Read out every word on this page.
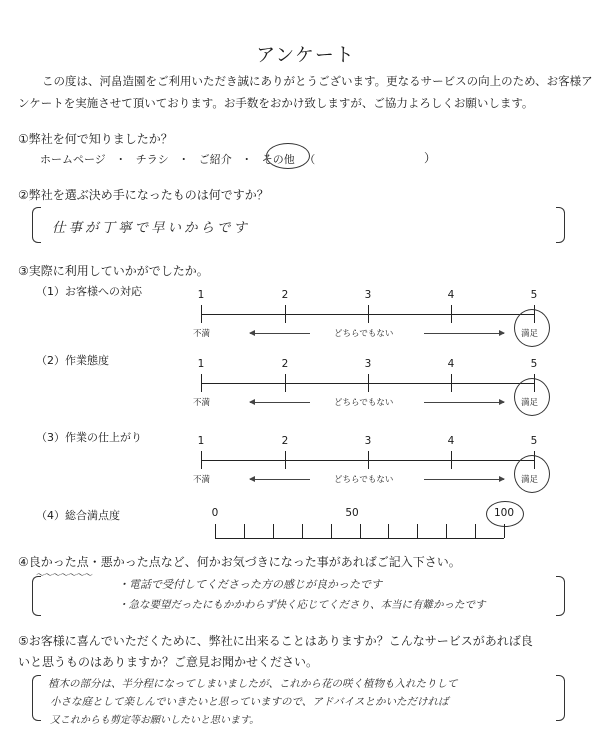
アンケート
この度は、河畠造園をご利用いただき誠にありがとうございます。更なるサービスの向上のため、お客様アンケートを実施させて頂いております。お手数をおかけ致しますが、ご協力よろしくお願いします。
①弊社を何で知りましたか？
ホームページ ・ チラシ ・ ご紹介 ・ その他 （	）
②弊社を選ぶ決め手になったものは何ですか？
仕事が丁寧で早いからです
③実際に利用していかがでしたか。
（1）お客様への対応	1	2	3	4	5
不満	どちらでもない	満足
（2）作業態度	1	2	3	4	5
不満	どちらでもない	満足
（3）作業の仕上がり	1	2	3	4	5
不満	どちらでもない	満足
（4）総合満点度	0	50	100
④良かった点・悪かった点など、何かお気づきになった事があればご記入下さい。
〜〜〜〜〜〜〜
・電話で受付してくださった方の感じが良かったです
・急な要望だったにもかかわらず快く応じてくださり、本当に有難かったです
⑤お客様に喜んでいただくために、弊社に出来ることはありますか？こんなサービスがあれば良
いと思うものはありますか？ご意見お聞かせください。
植木の部分は、半分程になってしまいましたが、これから花の咲く植物も入れたりして
小さな庭として楽しんでいきたいと思っていますので、アドバイスとかいただければ
又これからも剪定等お願いしたいと思います。
